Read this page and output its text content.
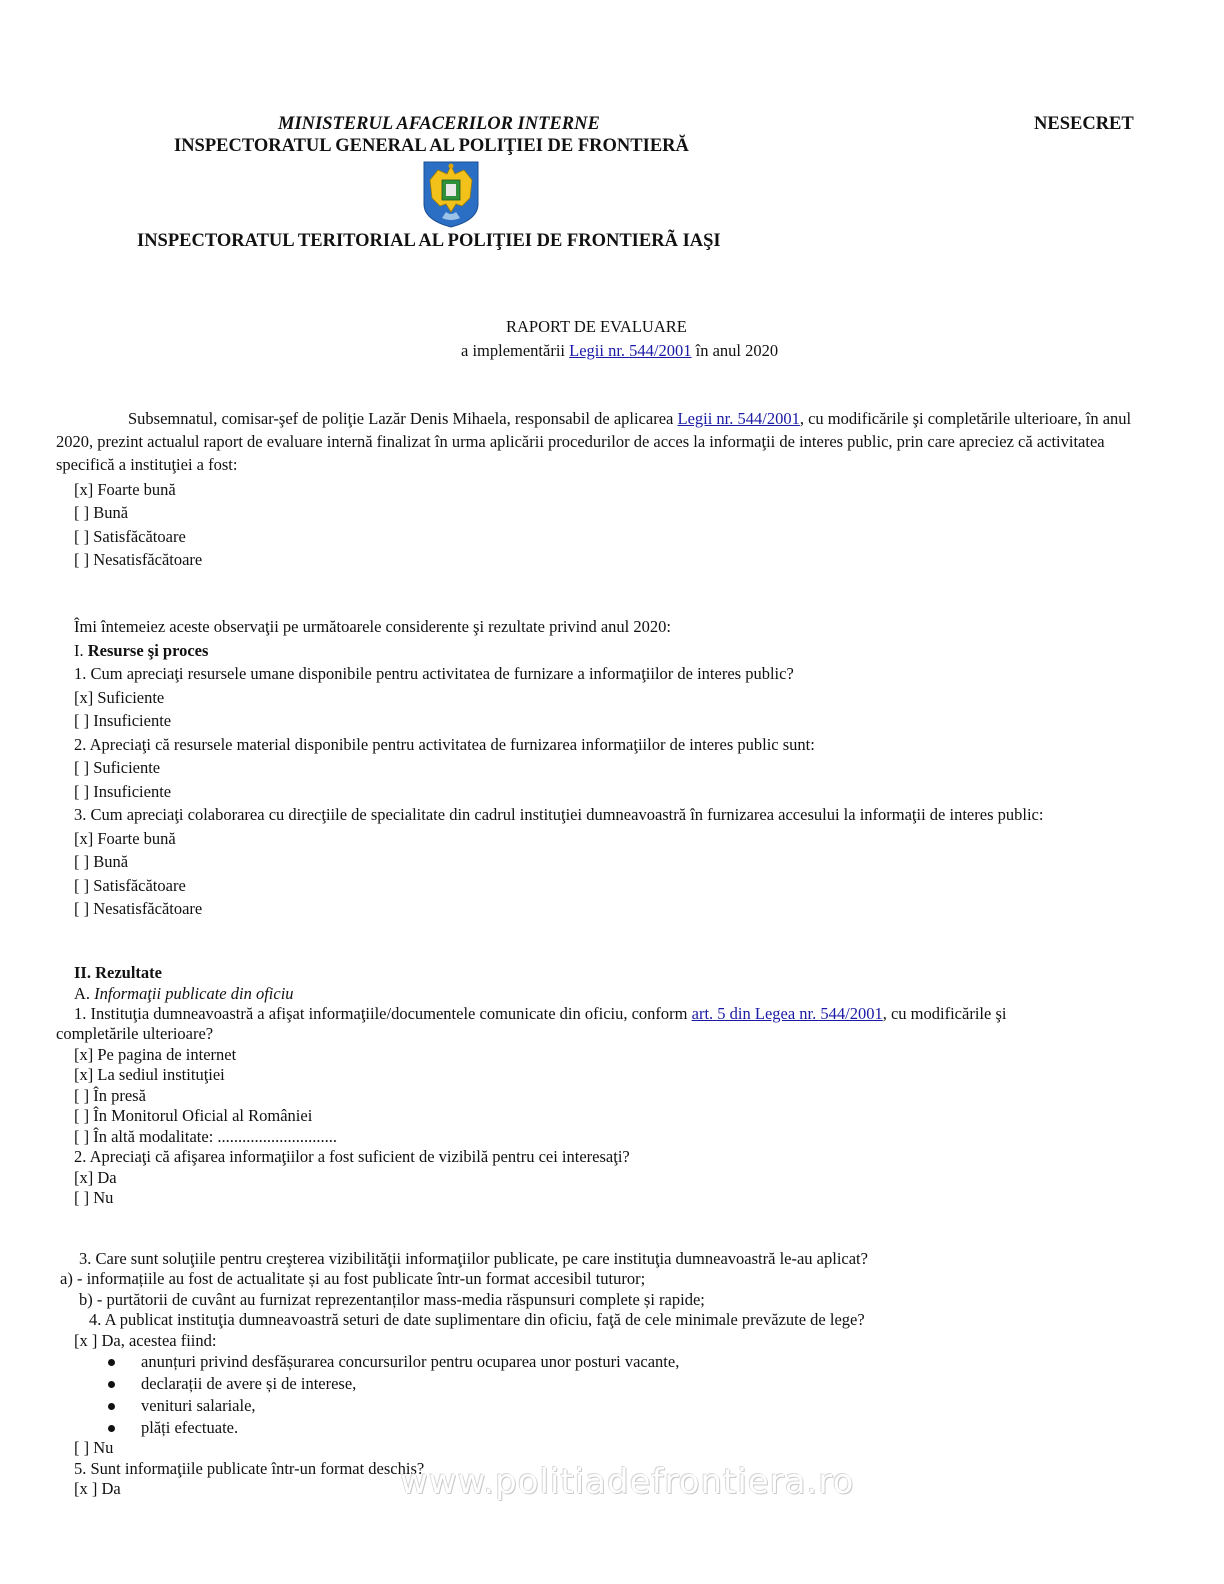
MINISTERUL AFACERILOR INTERNE	NESECRET
INSPECTORATUL GENERAL AL POLIŢIEI DE FRONTIERĂ
INSPECTORATUL TERITORIAL AL POLIŢIEI DE FRONTIERÃ IAŞI
RAPORT DE EVALUARE
a implementării Legii nr. 544/2001 în anul 2020
Subsemnatul, comisar-şef de poliţie Lazăr Denis Mihaela, responsabil de aplicarea Legii nr. 544/2001, cu modificările şi completările ulterioare, în anul 2020, prezint actualul raport de evaluare internă finalizat în urma aplicării procedurilor de acces la informaţii de interes public, prin care apreciez că activitatea specifică a instituţiei a fost:
[x] Foarte bună
[ ] Bună
[ ] Satisfăcătoare
[ ] Nesatisfăcătoare
Îmi întemeiez aceste observaţii pe următoarele considerente şi rezultate privind anul 2020:
I. Resurse şi proces
1. Cum apreciaţi resursele umane disponibile pentru activitatea de furnizare a informaţiilor de interes public?
[x] Suficiente
[ ] Insuficiente
2. Apreciaţi că resursele material disponibile pentru activitatea de furnizarea informaţiilor de interes public sunt:
[ ] Suficiente
[ ] Insuficiente
3. Cum apreciaţi colaborarea cu direcţiile de specialitate din cadrul instituţiei dumneavoastră în furnizarea accesului la informaţii de interes public:
[x] Foarte bună
[ ] Bună
[ ] Satisfăcătoare
[ ] Nesatisfăcătoare
II. Rezultate
A. Informaţii publicate din oficiu
1. Instituţia dumneavoastră a afişat informaţiile/documentele comunicate din oficiu, conform art. 5 din Legea nr. 544/2001, cu modificările şi
completările ulterioare?
[x] Pe pagina de internet
[x] La sediul instituţiei
[ ] În presă
[ ] În Monitorul Oficial al României
[ ] În altă modalitate: .............................
2. Apreciaţi că afişarea informaţiilor a fost suficient de vizibilă pentru cei interesaţi?
[x] Da
[ ] Nu
3. Care sunt soluţiile pentru creşterea vizibilităţii informaţiilor publicate, pe care instituţia dumneavoastră le-au aplicat?
a) - informațiile au fost de actualitate și au fost publicate într-un format accesibil tuturor;
b) - purtătorii de cuvânt au furnizat reprezentanților mass-media răspunsuri complete și rapide;
4. A publicat instituţia dumneavoastră seturi de date suplimentare din oficiu, faţă de cele minimale prevăzute de lege?
[x ] Da, acestea fiind:
anunțuri privind desfășurarea concursurilor pentru ocuparea unor posturi vacante,
declarații de avere și de interese,
venituri salariale,
plăți efectuate.
[ ] Nu
5. Sunt informaţiile publicate într-un format deschis?
[x ] Da	www.politiadefrontiera.ro
